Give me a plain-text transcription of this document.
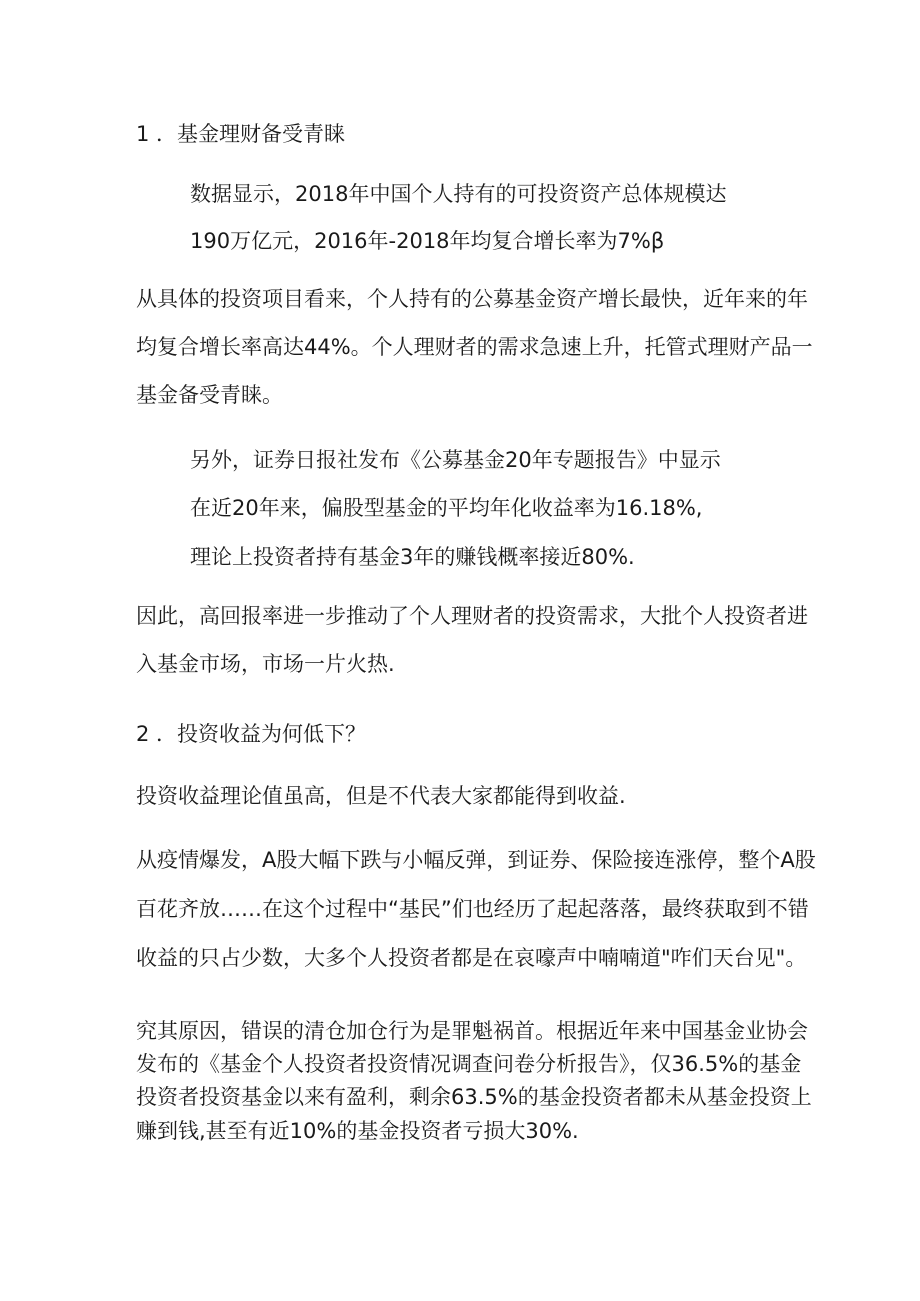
1 ．基金理财备受青睐
数据显示，2018年中国个人持有的可投资资产总体规模达
190万亿元，2016年-2018年均复合增长率为7%β
从具体的投资项目看来，个人持有的公募基金资产增长最快，近年来的年
均复合增长率高达44%。个人理财者的需求急速上升，托管式理财产品一
基金备受青睐。
另外，证券日报社发布《公募基金20年专题报告》中显示
在近20年来，偏股型基金的平均年化收益率为16.18%,
理论上投资者持有基金3年的赚钱概率接近80%.
因此，高回报率进一步推动了个人理财者的投资需求，大批个人投资者进
入基金市场，市场一片火热.
2 ．投资收益为何低下？
投资收益理论值虽高，但是不代表大家都能得到收益.
从疫情爆发，A股大幅下跌与小幅反弹，到证券、保险接连涨停，整个A股
百花齐放……在这个过程中“基民”们也经历了起起落落，最终获取到不错
收益的只占少数，大多个人投资者都是在哀嚎声中喃喃道"咋们天台见"。
究其原因，错误的清仓加仓行为是罪魁祸首。根据近年来中国基金业协会
发布的《基金个人投资者投资情况调查问卷分析报告》，仅36.5%的基金
投资者投资基金以来有盈利，剩余63.5%的基金投资者都未从基金投资上
赚到钱,甚至有近10%的基金投资者亏损大30%.
